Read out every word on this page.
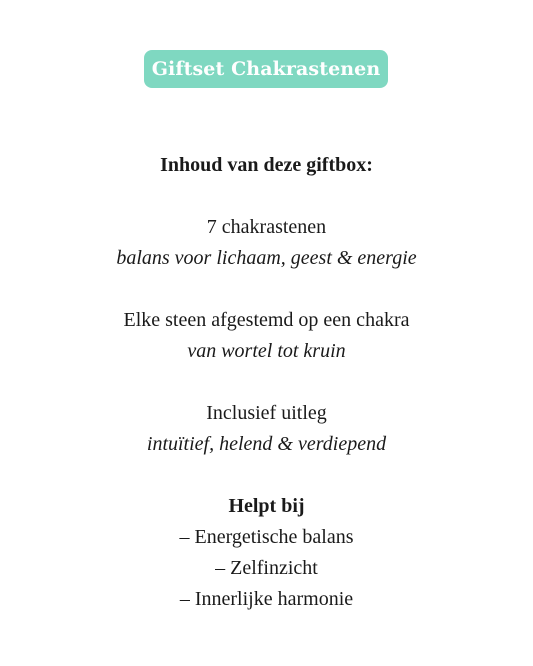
Giftset Chakrastenen
Inhoud van deze giftbox:
7 chakrastenen
balans voor lichaam, geest & energie
Elke steen afgestemd op een chakra
van wortel tot kruin
Inclusief uitleg
intuïtief, helend & verdiepend
Helpt bij
– Energetische balans
– Zelfinzicht
– Innerlijke harmonie
